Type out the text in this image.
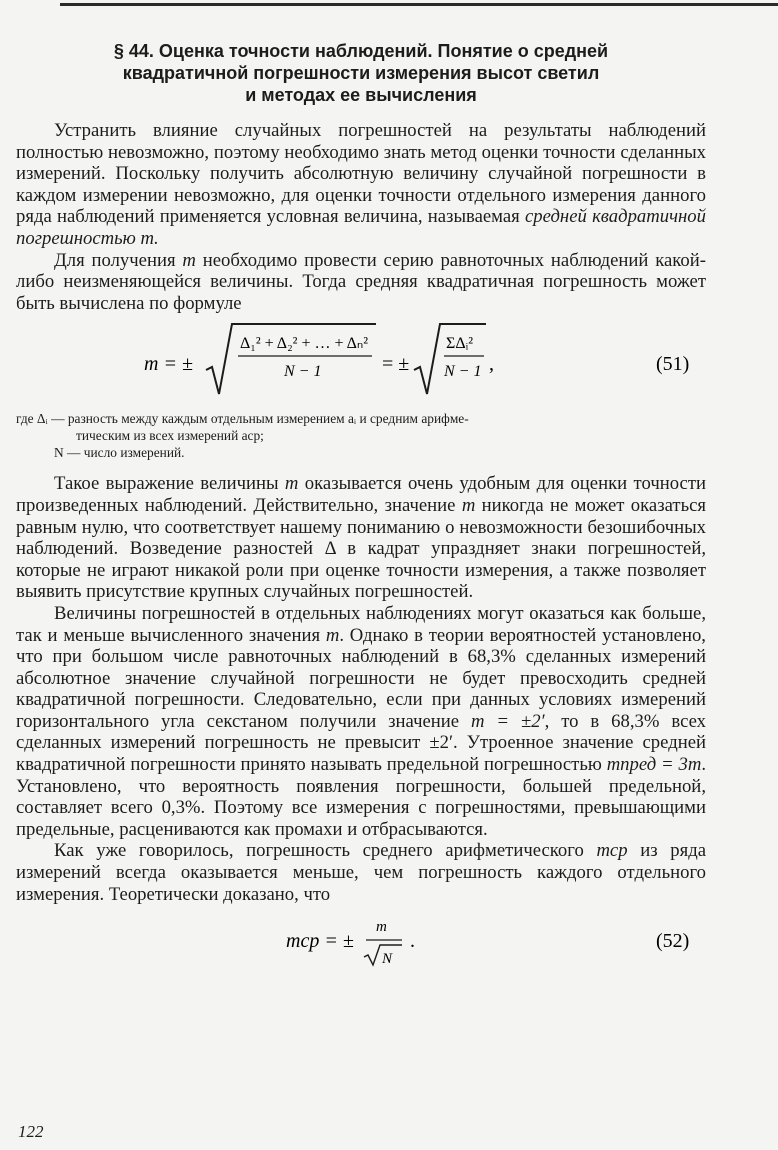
§ 44. Оценка точности наблюдений. Понятие о средней
квадратичной погрешности измерения высот светил
и методах ее вычисления

Устранить влияние случайных погрешностей на результаты наблюдений полностью невозможно, поэтому необходимо знать метод оценки точности сделанных измерений. Поскольку получить абсолютную величину случайной погрешности в каждом измерении невозможно, для оценки точности отдельного измерения данного ряда наблюдений применяется условная величина, называемая средней квадратичной погрешностью m.

Для получения m необходимо провести серию равноточных наблюдений какой-либо неизменяющейся величины. Тогда средняя квадратичная погрешность может быть вычислена по формуле

m = ±
Δ₁² + Δ₂² + … + Δₙ²
N − 1	= ±
ΣΔᵢ²
N − 1 ,	(51)
где Δᵢ — разность между каждым отдельным измерением aᵢ и средним арифме-
тическим из всех измерений aср;
N — число измерений.

Такое выражение величины m оказывается очень удобным для оценки точности произведенных наблюдений. Действительно, значение m никогда не может оказаться равным нулю, что соответствует нашему пониманию о невозможности безошибочных наблюдений. Возведение разностей Δ в кадрат упраздняет знаки погрешностей, которые не играют никакой роли при оценке точности измерения, а также позволяет выявить присутствие крупных случайных погрешностей.

Величины погрешностей в отдельных наблюдениях могут оказаться как больше, так и меньше вычисленного значения m. Однако в теории вероятностей установлено, что при большом числе равноточных наблюдений в 68,3% сделанных измерений абсолютное значение случайной погрешности не будет превосходить средней квадратичной погрешности. Следовательно, если при данных условиях измерений горизонтального угла секстаном получили значение m = ±2′, то в 68,3% всех сделанных измерений погрешность не превысит ±2′. Утроенное значение средней квадратичной погрешности принято называть предельной погрешностью mпред = 3m. Установлено, что вероятность появления погрешности, большей предельной, составляет всего 0,3%. Поэтому все измерения с погрешностями, превышающими предельные, расцениваются как промахи и отбрасываются.

Как уже говорилось, погрешность среднего арифметического mср из ряда измерений всегда оказывается меньше, чем погрешность каждого отдельного измерения. Теоретически доказано, что

mср = ±
m
N
.	(52)
122
